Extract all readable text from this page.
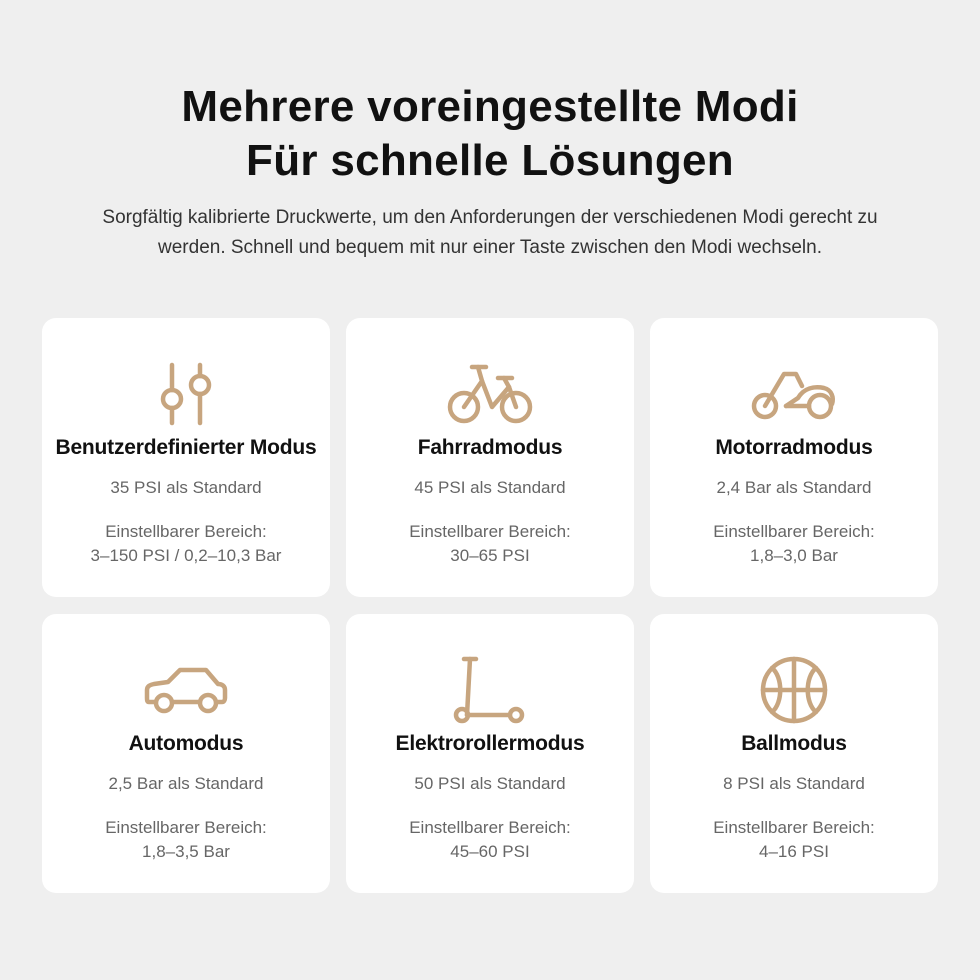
Mehrere voreingestellte Modi
Für schnelle Lösungen

Sorgfältig kalibrierte Druckwerte, um den Anforderungen der verschiedenen Modi gerecht zu
werden. Schnell und bequem mit nur einer Taste zwischen den Modi wechseln.

Benutzerdefinierter Modus
35 PSI als Standard
Einstellbarer Bereich:
3–150 PSI / 0,2–10,3 Bar
Fahrradmodus
45 PSI als Standard
Einstellbarer Bereich:
30–65 PSI
Motorradmodus
2,4 Bar als Standard
Einstellbarer Bereich:
1,8–3,0 Bar
Automodus
2,5 Bar als Standard
Einstellbarer Bereich:
1,8–3,5 Bar
Elektrorollermodus
50 PSI als Standard
Einstellbarer Bereich:
45–60 PSI
Ballmodus
8 PSI als Standard
Einstellbarer Bereich:
4–16 PSI
